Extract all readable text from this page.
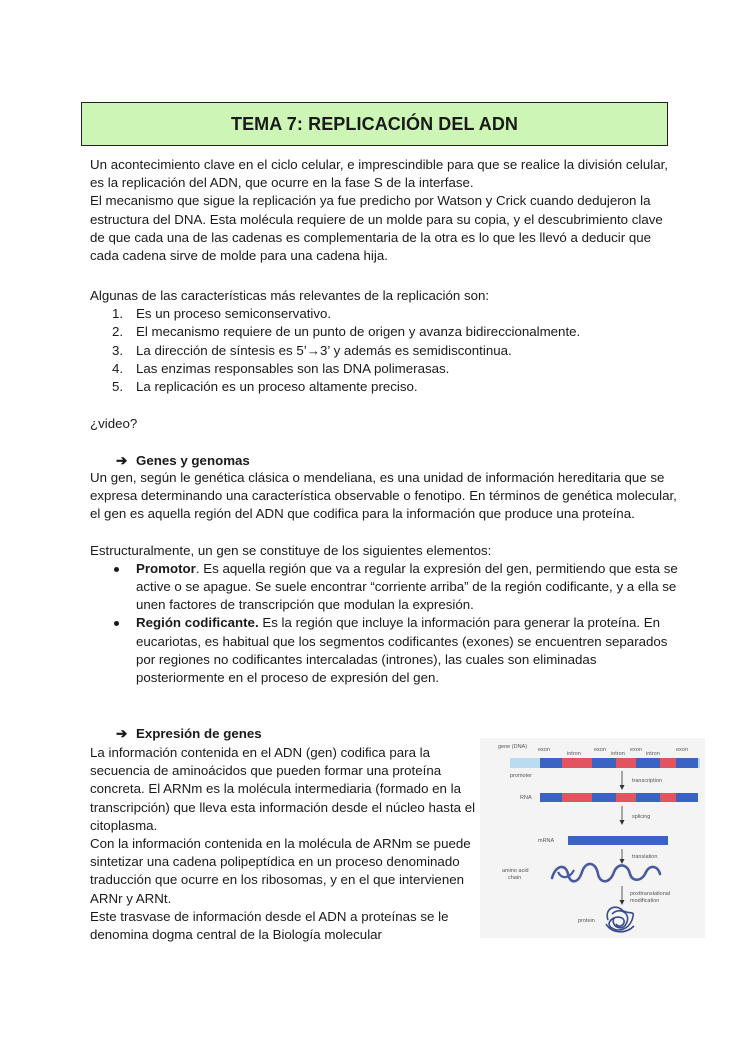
TEMA 7: REPLICACIÓN DEL ADN

Un acontecimiento clave en el ciclo celular, e imprescindible para que se realice la división celular, es la replicación del ADN, que ocurre en la fase S de la interfase.

El mecanismo que sigue la replicación ya fue predicho por Watson y Crick cuando dedujeron la estructura del DNA. Esta molécula requiere de un molde para su copia, y el descubrimiento clave de que cada una de las cadenas es complementaria de la otra es lo que les llevó a deducir que cada cadena sirve de molde para una cadena hija.

Algunas de las características más relevantes de la replicación son:

1. Es un proceso semiconservativo.
2. El mecanismo requiere de un punto de origen y avanza bidireccionalmente.
3. La dirección de síntesis es 5’→3’ y además es semidiscontinua.
4. Las enzimas responsables son las DNA polimerasas.
5. La replicación es un proceso altamente preciso.
¿video?
➔ Genes y genomas

Un gen, según le genética clásica o mendeliana, es una unidad de información hereditaria que se expresa determinando una característica observable o fenotipo. En términos de genética molecular, el gen es aquella región del ADN que codifica para la información que produce una proteína.

Estructuralmente, un gen se constituye de los siguientes elementos:

Promotor. Es aquella región que va a regular la expresión del gen, permitiendo que esta se active o se apague. Se suele encontrar “corriente arriba” de la región codificante, y a ella se unen factores de transcripción que modulan la expresión.
Región codificante. Es la región que incluye la información para generar la proteína. En eucariotas, es habitual que los segmentos codificantes (exones) se encuentren separados por regiones no codificantes intercaladas (intrones), las cuales son eliminadas posteriormente en el proceso de expresión del gen.
➔ Expresión de genes

La información contenida en el ADN (gen) codifica para la secuencia de aminoácidos que pueden formar una proteína concreta. El ARNm es la molécula intermediaria (formado en la transcripción) que lleva esta información desde el núcleo hasta el citoplasma.

Con la información contenida en la molécula de ARNm se puede sintetizar una cadena polipeptídica en un proceso denominado traducción que ocurre en los ribosomas, y en el que intervienen ARNr y ARNt.

Este trasvase de información desde el ADN a proteínas se le denomina dogma central de la Biología molecular

gene (DNA) exon
intron
exon
intron
exon
intron
exon
promoter
transcription
RNA
splicing
mRNA
translation
amino acid
chain
posttranslational
modification
protein
